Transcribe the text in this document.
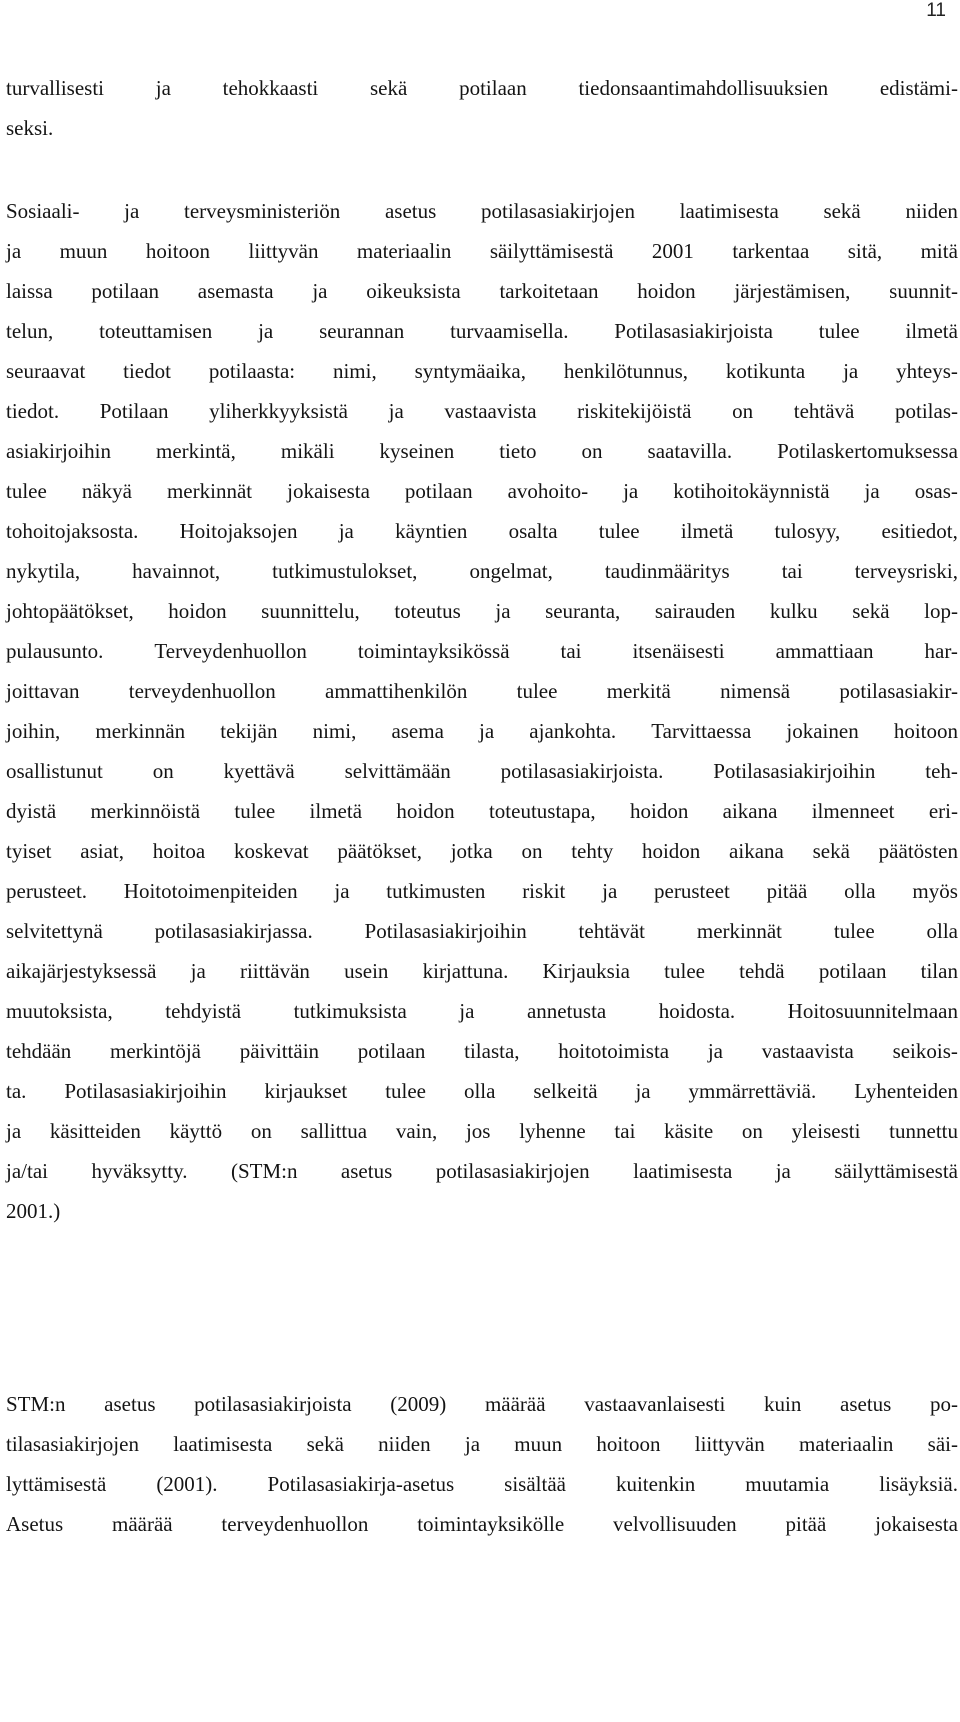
11
turvallisesti ja tehokkaasti sekä potilaan tiedonsaantimahdollisuuksien edistämi-
seksi.
Sosiaali- ja terveysministeriön asetus potilasasiakirjojen laatimisesta sekä niiden
ja muun hoitoon liittyvän materiaalin säilyttämisestä 2001 tarkentaa sitä, mitä
laissa potilaan asemasta ja oikeuksista tarkoitetaan hoidon järjestämisen, suunnit-
telun, toteuttamisen ja seurannan turvaamisella. Potilasasiakirjoista tulee ilmetä
seuraavat tiedot potilaasta: nimi, syntymäaika, henkilötunnus, kotikunta ja yhteys-
tiedot. Potilaan yliherkkyyksistä ja vastaavista riskitekijöistä on tehtävä potilas-
asiakirjoihin merkintä, mikäli kyseinen tieto on saatavilla. Potilaskertomuksessa
tulee näkyä merkinnät jokaisesta potilaan avohoito- ja kotihoitokäynnistä ja osas-
tohoitojaksosta. Hoitojaksojen ja käyntien osalta tulee ilmetä tulosyy, esitiedot,
nykytila, havainnot, tutkimustulokset, ongelmat, taudinmääritys tai terveysriski,
johtopäätökset, hoidon suunnittelu, toteutus ja seuranta, sairauden kulku sekä lop-
pulausunto. Terveydenhuollon toimintayksikössä tai itsenäisesti ammattiaan har-
joittavan terveydenhuollon ammattihenkilön tulee merkitä nimensä potilasasiakir-
joihin, merkinnän tekijän nimi, asema ja ajankohta. Tarvittaessa jokainen hoitoon
osallistunut on kyettävä selvittämään potilasasiakirjoista. Potilasasiakirjoihin teh-
dyistä merkinnöistä tulee ilmetä hoidon toteutustapa, hoidon aikana ilmenneet eri-
tyiset asiat, hoitoa koskevat päätökset, jotka on tehty hoidon aikana sekä päätösten
perusteet. Hoitotoimenpiteiden ja tutkimusten riskit ja perusteet pitää olla myös
selvitettynä potilasasiakirjassa. Potilasasiakirjoihin tehtävät merkinnät tulee olla
aikajärjestyksessä ja riittävän usein kirjattuna. Kirjauksia tulee tehdä potilaan tilan
muutoksista,	tehdyistä	tutkimuksista	ja	annetusta	hoidosta.	Hoitosuunnitelmaan
tehdään merkintöjä päivittäin potilaan tilasta, hoitotoimista ja vastaavista seikois-
ta. Potilasasiakirjoihin kirjaukset tulee olla selkeitä ja ymmärrettäviä. Lyhenteiden
ja käsitteiden käyttö on sallittua vain, jos lyhenne tai käsite on yleisesti tunnettu
ja/tai hyväksytty. (STM:n asetus potilasasiakirjojen laatimisesta ja säilyttämisestä
2001.)
STM:n asetus potilasasiakirjoista (2009) määrää vastaavanlaisesti kuin asetus po-
tilasasiakirjojen laatimisesta sekä niiden ja muun hoitoon liittyvän materiaalin säi-
lyttämisestä (2001). Potilasasiakirja-asetus sisältää kuitenkin muutamia lisäyksiä.
Asetus määrää terveydenhuollon toimintayksikölle velvollisuuden pitää jokaisesta
